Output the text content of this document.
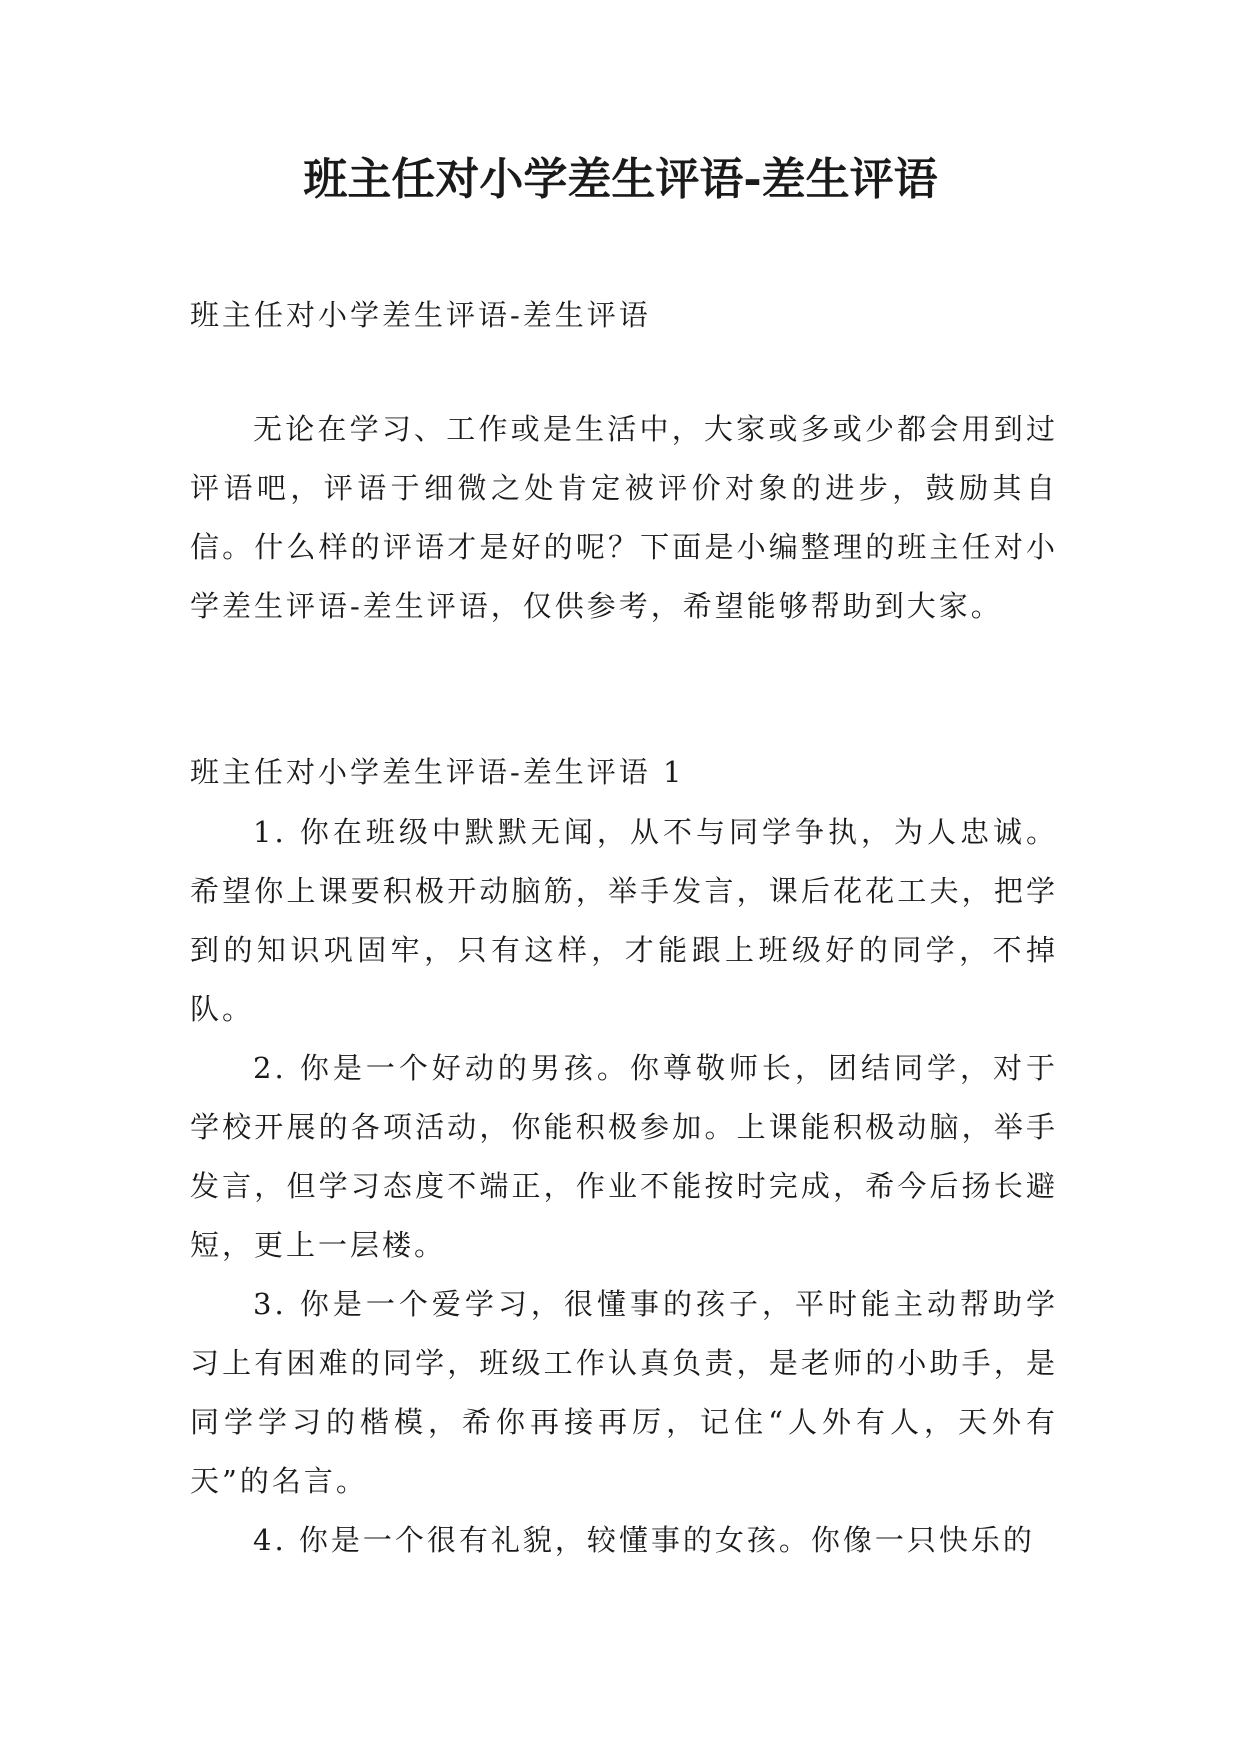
班主任对小学差生评语-差生评语

班主任对小学差生评语-差生评语

无论在学习、工作或是生活中，大家或多或少都会用到过评语吧，评语于细微之处肯定被评价对象的进步，鼓励其自信。什么样的评语才是好的呢？下面是小编整理的班主任对小学差生评语-差生评语，仅供参考，希望能够帮助到大家。

班主任对小学差生评语-差生评语 1

1. 你在班级中默默无闻，从不与同学争执，为人忠诚。希望你上课要积极开动脑筋，举手发言，课后花花工夫，把学到的知识巩固牢，只有这样，才能跟上班级好的同学，不掉队。
2. 你是一个好动的男孩。你尊敬师长，团结同学，对于学校开展的各项活动，你能积极参加。上课能积极动脑，举手发言，但学习态度不端正，作业不能按时完成，希今后扬长避短，更上一层楼。
3. 你是一个爱学习，很懂事的孩子，平时能主动帮助学习上有困难的同学，班级工作认真负责，是老师的小助手，是同学学习的楷模，希你再接再厉，记住“人外有人，天外有天”的名言。
4. 你是一个很有礼貌，较懂事的女孩。你像一只快乐的
